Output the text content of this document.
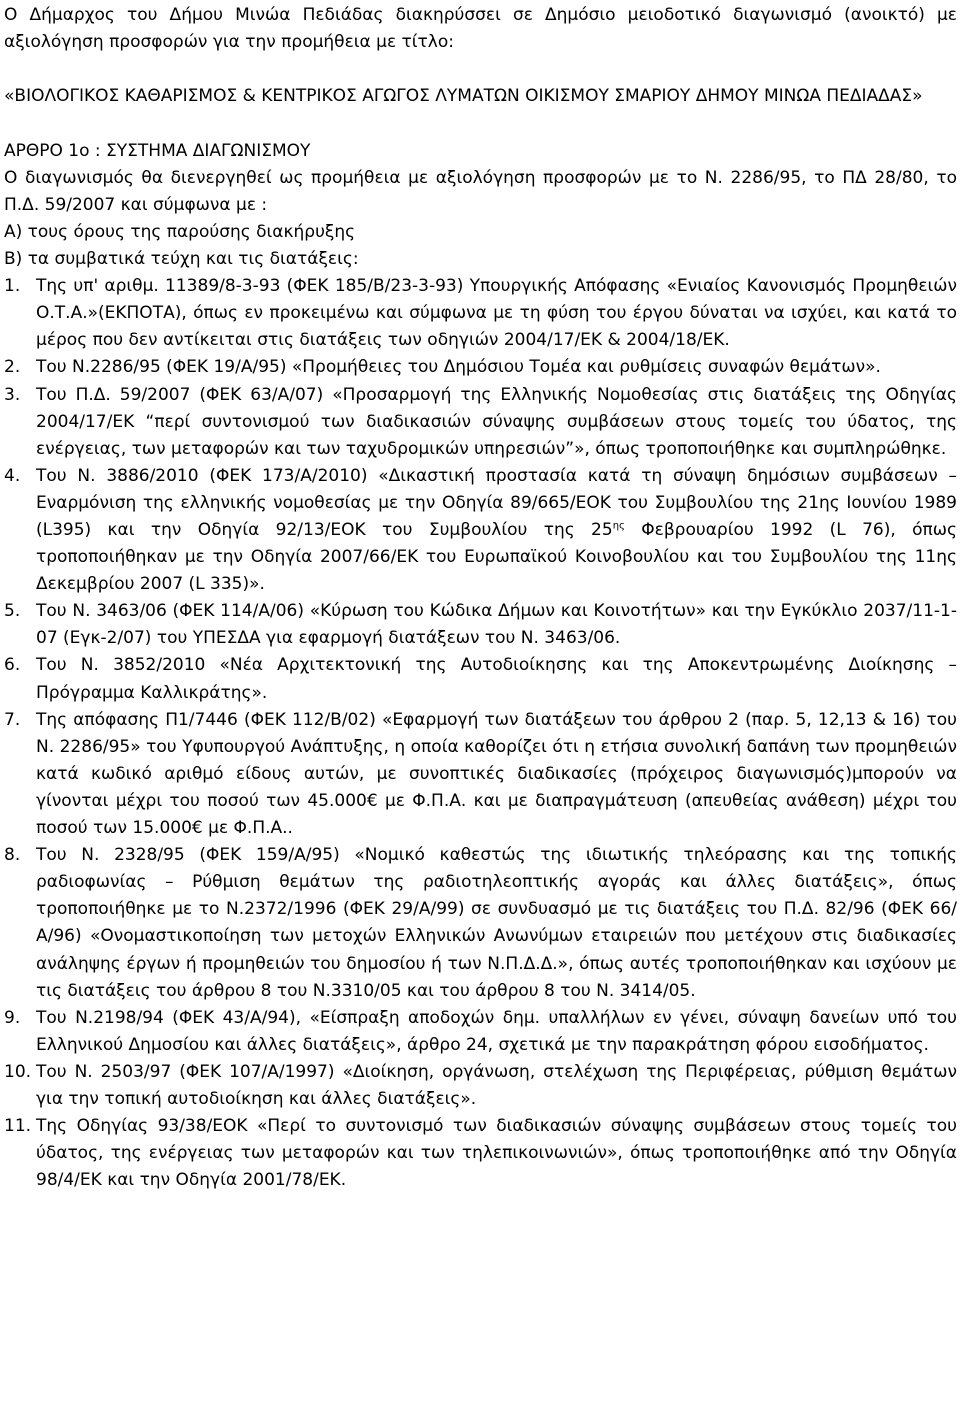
Ο Δήμαρχος του Δήμου Μινώα Πεδιάδας διακηρύσσει σε Δημόσιο μειοδοτικό διαγωνισμό (ανοικτό) με αξιολόγηση προσφορών για την προμήθεια με τίτλο:

«ΒΙΟΛΟΓΙΚΟΣ ΚΑΘΑΡΙΣΜΟΣ & ΚΕΝΤΡΙΚΟΣ ΑΓΩΓΟΣ ΛΥΜΑΤΩΝ ΟΙΚΙΣΜΟΥ ΣΜΑΡΙΟΥ ΔΗΜΟΥ ΜΙΝΩΑ ΠΕΔΙΑΔΑΣ»

ΑΡΘΡΟ 1ο : ΣΥΣΤΗΜΑ ΔΙΑΓΩΝΙΣΜΟΥ

Ο διαγωνισμός θα διενεργηθεί ως προμήθεια με αξιολόγηση προσφορών με το Ν. 2286/95, το ΠΔ 28/80, το Π.Δ. 59/2007 και σύμφωνα με :

Α) τους όρους της παρούσης διακήρυξης

Β) τα συμβατικά τεύχη και τις διατάξεις:

1. Της υπ' αριθμ. 11389/8-3-93 (ΦΕΚ 185/Β/23-3-93) Υπουργικής Απόφασης «Ενιαίος Κανονισμός Προμηθειών Ο.Τ.Α.»(ΕΚΠΟΤΑ), όπως εν προκειμένω και σύμφωνα με τη φύση του έργου δύναται να ισχύει, και κατά το μέρος που δεν αντίκειται στις διατάξεις των οδηγιών 2004/17/ΕΚ & 2004/18/ΕΚ.
2. Του Ν.2286/95 (ΦΕΚ 19/Α/95) «Προμήθειες του Δημόσιου Τομέα και ρυθμίσεις συναφών θεμάτων».
3. Του Π.Δ. 59/2007 (ΦΕΚ 63/Α/07) «Προσαρμογή της Ελληνικής Νομοθεσίας στις διατάξεις της Οδηγίας 2004/17/ΕΚ “περί συντονισμού των διαδικασιών σύναψης συμβάσεων στους τομείς του ύδατος, της ενέργειας, των μεταφορών και των ταχυδρομικών υπηρεσιών”», όπως τροποποιήθηκε και συμπληρώθηκε.
4. Του Ν. 3886/2010 (ΦΕΚ 173/Α/2010) «Δικαστική προστασία κατά τη σύναψη δημόσιων συμβάσεων – Εναρμόνιση της ελληνικής νομοθεσίας με την Οδηγία 89/665/ΕΟΚ του Συμβουλίου της 21ης Ιουνίου 1989 (L395) και την Οδηγία 92/13/ΕΟΚ του Συμβουλίου της $25^{\eta\varsigma}$ Φεβρουαρίου 1992 (L 76), όπως τροποποιήθηκαν με την Οδηγία 2007/66/ΕΚ του Ευρωπαϊκού Κοινοβουλίου και του Συμβουλίου της 11ης Δεκεμβρίου 2007 (L 335)».
5. Του Ν. 3463/06 (ΦΕΚ 114/Α/06) «Κύρωση του Κώδικα Δήμων και Κοινοτήτων» και την Εγκύκλιο 2037/11-1-07 (Εγκ-2/07) του ΥΠΕΣΔΑ για εφαρμογή διατάξεων του Ν. 3463/06.
6. Του Ν. 3852/2010 «Νέα Αρχιτεκτονική της Αυτοδιοίκησης και της Αποκεντρωμένης Διοίκησης – Πρόγραμμα Καλλικράτης».
7. Της απόφασης Π1/7446 (ΦΕΚ 112/Β/02) «Εφαρμογή των διατάξεων του άρθρου 2 (παρ. 5, 12,13 & 16) του Ν. 2286/95» του Υφυπουργού Ανάπτυξης, η οποία καθορίζει ότι η ετήσια συνολική δαπάνη των προμηθειών κατά κωδικό αριθμό είδους αυτών, με συνοπτικές διαδικασίες (πρόχειρος διαγωνισμός)μπορούν να γίνονται μέχρι του ποσού των 45.000€ με Φ.Π.Α. και με διαπραγμάτευση (απευθείας ανάθεση) μέχρι του ποσού των 15.000€ με Φ.Π.Α..
8. Του Ν. 2328/95 (ΦΕΚ 159/Α/95) «Νομικό καθεστώς της ιδιωτικής τηλεόρασης και της τοπικής ραδιοφωνίας – Ρύθμιση θεμάτων της ραδιοτηλεοπτικής αγοράς και άλλες διατάξεις», όπως τροποποιήθηκε με το Ν.2372/1996 (ΦΕΚ 29/Α/99) σε συνδυασμό με τις διατάξεις του Π.Δ. 82/96 (ΦΕΚ 66/Α/96) «Ονομαστικοποίηση των μετοχών Ελληνικών Ανωνύμων εταιρειών που μετέχουν στις διαδικασίες ανάληψης έργων ή προμηθειών του δημοσίου ή των Ν.Π.Δ.Δ.», όπως αυτές τροποποιήθηκαν και ισχύουν με τις διατάξεις του άρθρου 8 του Ν.3310/05 και του άρθρου 8 του Ν. 3414/05.
9. Του Ν.2198/94 (ΦΕΚ 43/Α/94), «Είσπραξη αποδοχών δημ. υπαλλήλων εν γένει, σύναψη δανείων υπό του Ελληνικού Δημοσίου και άλλες διατάξεις», άρθρο 24, σχετικά με την παρακράτηση φόρου εισοδήματος.
10. Του Ν. 2503/97 (ΦΕΚ 107/Α/1997) «Διοίκηση, οργάνωση, στελέχωση της Περιφέρειας, ρύθμιση θεμάτων για την τοπική αυτοδιοίκηση και άλλες διατάξεις».
11. Της Οδηγίας 93/38/ΕΟΚ «Περί το συντονισμό των διαδικασιών σύναψης συμβάσεων στους τομείς του ύδατος, της ενέργειας των μεταφορών και των τηλεπικοινωνιών», όπως τροποποιήθηκε από την Οδηγία 98/4/ΕΚ και την Οδηγία 2001/78/ΕΚ.
